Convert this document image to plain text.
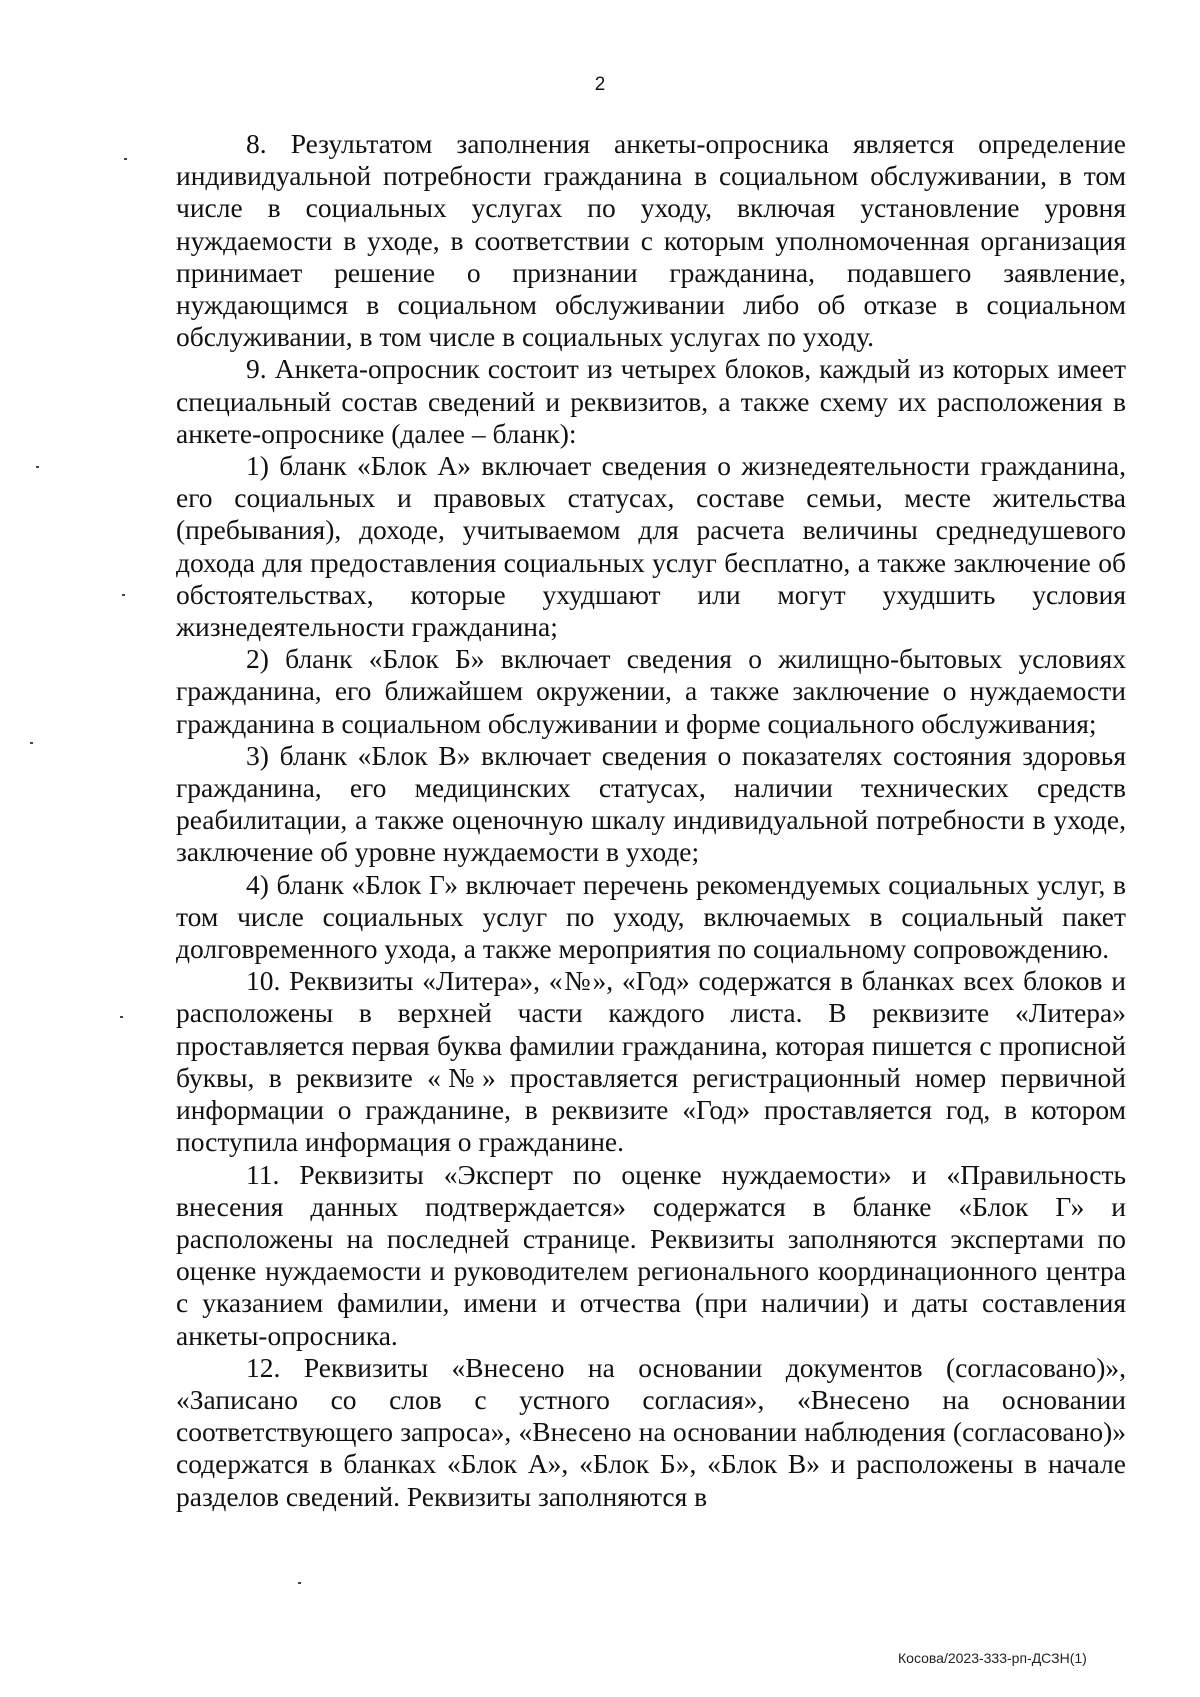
2

8. Результатом заполнения анкеты-опросника является определение индивидуальной потребности гражданина в социальном обслуживании, в том числе в социальных услугах по уходу, включая установление уровня нуждаемости в уходе, в соответствии с которым уполномоченная организация принимает решение о признании гражданина, подавшего заявление, нуждающимся в социальном обслуживании либо об отказе в социальном обслуживании, в том числе в социальных услугах по уходу.

9. Анкета-опросник состоит из четырех блоков, каждый из которых имеет специальный состав сведений и реквизитов, а также схему их расположения в анкете-опроснике (далее – бланк):

1) бланк «Блок А» включает сведения о жизнедеятельности гражданина, его социальных и правовых статусах, составе семьи, месте жительства (пребывания), доходе, учитываемом для расчета величины среднедушевого дохода для предоставления социальных услуг бесплатно, а также заключение об обстоятельствах, которые ухудшают или могут ухудшить условия жизнедеятельности гражданина;

2) бланк «Блок Б» включает сведения о жилищно-бытовых условиях гражданина, его ближайшем окружении, а также заключение о нуждаемости гражданина в социальном обслуживании и форме социального обслуживания;

3) бланк «Блок В» включает сведения о показателях состояния здоровья гражданина, его медицинских статусах, наличии технических средств реабилитации, а также оценочную шкалу индивидуальной потребности в уходе, заключение об уровне нуждаемости в уходе;

4) бланк «Блок Г» включает перечень рекомендуемых социальных услуг, в том числе социальных услуг по уходу, включаемых в социальный пакет долговременного ухода, а также мероприятия по социальному сопровождению.

10. Реквизиты «Литера», «№», «Год» содержатся в бланках всех блоков и расположены в верхней части каждого листа. В реквизите «Литера» проставляется первая буква фамилии гражданина, которая пишется с прописной буквы, в реквизите «№» проставляется регистрационный номер первичной информации о гражданине, в реквизите «Год» проставляется год, в котором поступила информация о гражданине.

11. Реквизиты «Эксперт по оценке нуждаемости» и «Правильность внесения данных подтверждается» содержатся в бланке «Блок Г» и расположены на последней странице. Реквизиты заполняются экспертами по оценке нуждаемости и руководителем регионального координационного центра с указанием фамилии, имени и отчества (при наличии) и даты составления анкеты-опросника.

12. Реквизиты «Внесено на основании документов (согласовано)», «Записано со слов с устного согласия», «Внесено на основании соответствующего запроса», «Внесено на основании наблюдения (согласовано)» содержатся в бланках «Блок А», «Блок Б», «Блок В» и расположены в начале разделов сведений. Реквизиты заполняются в

Косова/2023-333-рп-ДСЗН(1)
